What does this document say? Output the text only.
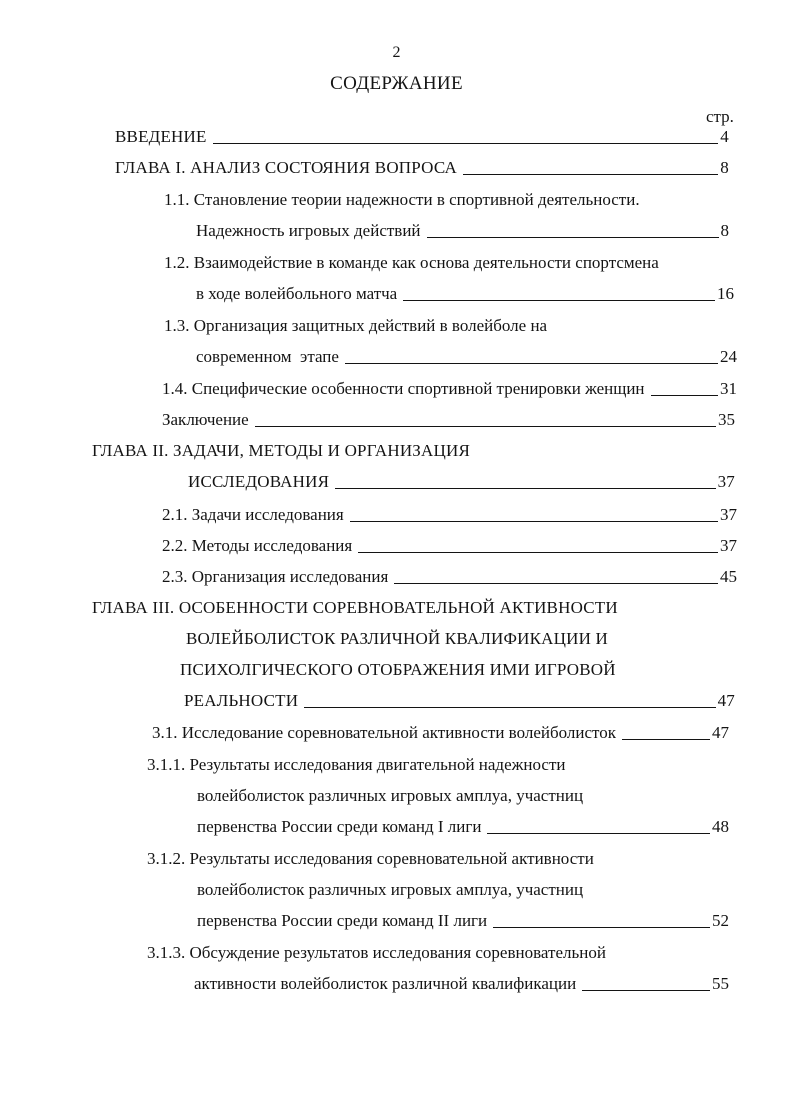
2
СОДЕРЖАНИЕ
стр.
ВВЕДЕНИЕ	4
ГЛАВА I. АНАЛИЗ СОСТОЯНИЯ ВОПРОСА	8
1.1. Становление теории надежности в спортивной деятельности.
Надежность игровых действий	8
1.2. Взаимодействие в команде как основа деятельности спортсмена
в ходе волейбольного матча	16
1.3. Организация защитных действий в волейболе на
современном  этапе	24
1.4. Специфические особенности спортивной тренировки женщин	31
Заключение	35
ГЛАВА II. ЗАДАЧИ, МЕТОДЫ И ОРГАНИЗАЦИЯ
ИССЛЕДОВАНИЯ	37
2.1. Задачи исследования	37
2.2. Методы исследования	37
2.3. Организация исследования	45
ГЛАВА III. ОСОБЕННОСТИ СОРЕВНОВАТЕЛЬНОЙ АКТИВНОСТИ
ВОЛЕЙБОЛИСТОК РАЗЛИЧНОЙ КВАЛИФИКАЦИИ И
ПСИХОЛГИЧЕСКОГО ОТОБРАЖЕНИЯ ИМИ ИГРОВОЙ
РЕАЛЬНОСТИ	47
3.1. Исследование соревновательной активности волейболисток	47
3.1.1. Результаты исследования двигательной надежности
волейболисток различных игровых амплуа, участниц
первенства России среди команд I лиги	48
3.1.2. Результаты исследования соревновательной активности
волейболисток различных игровых амплуа, участниц
первенства России среди команд II лиги	52
3.1.3. Обсуждение результатов исследования соревновательной
активности волейболисток различной квалификации	55
